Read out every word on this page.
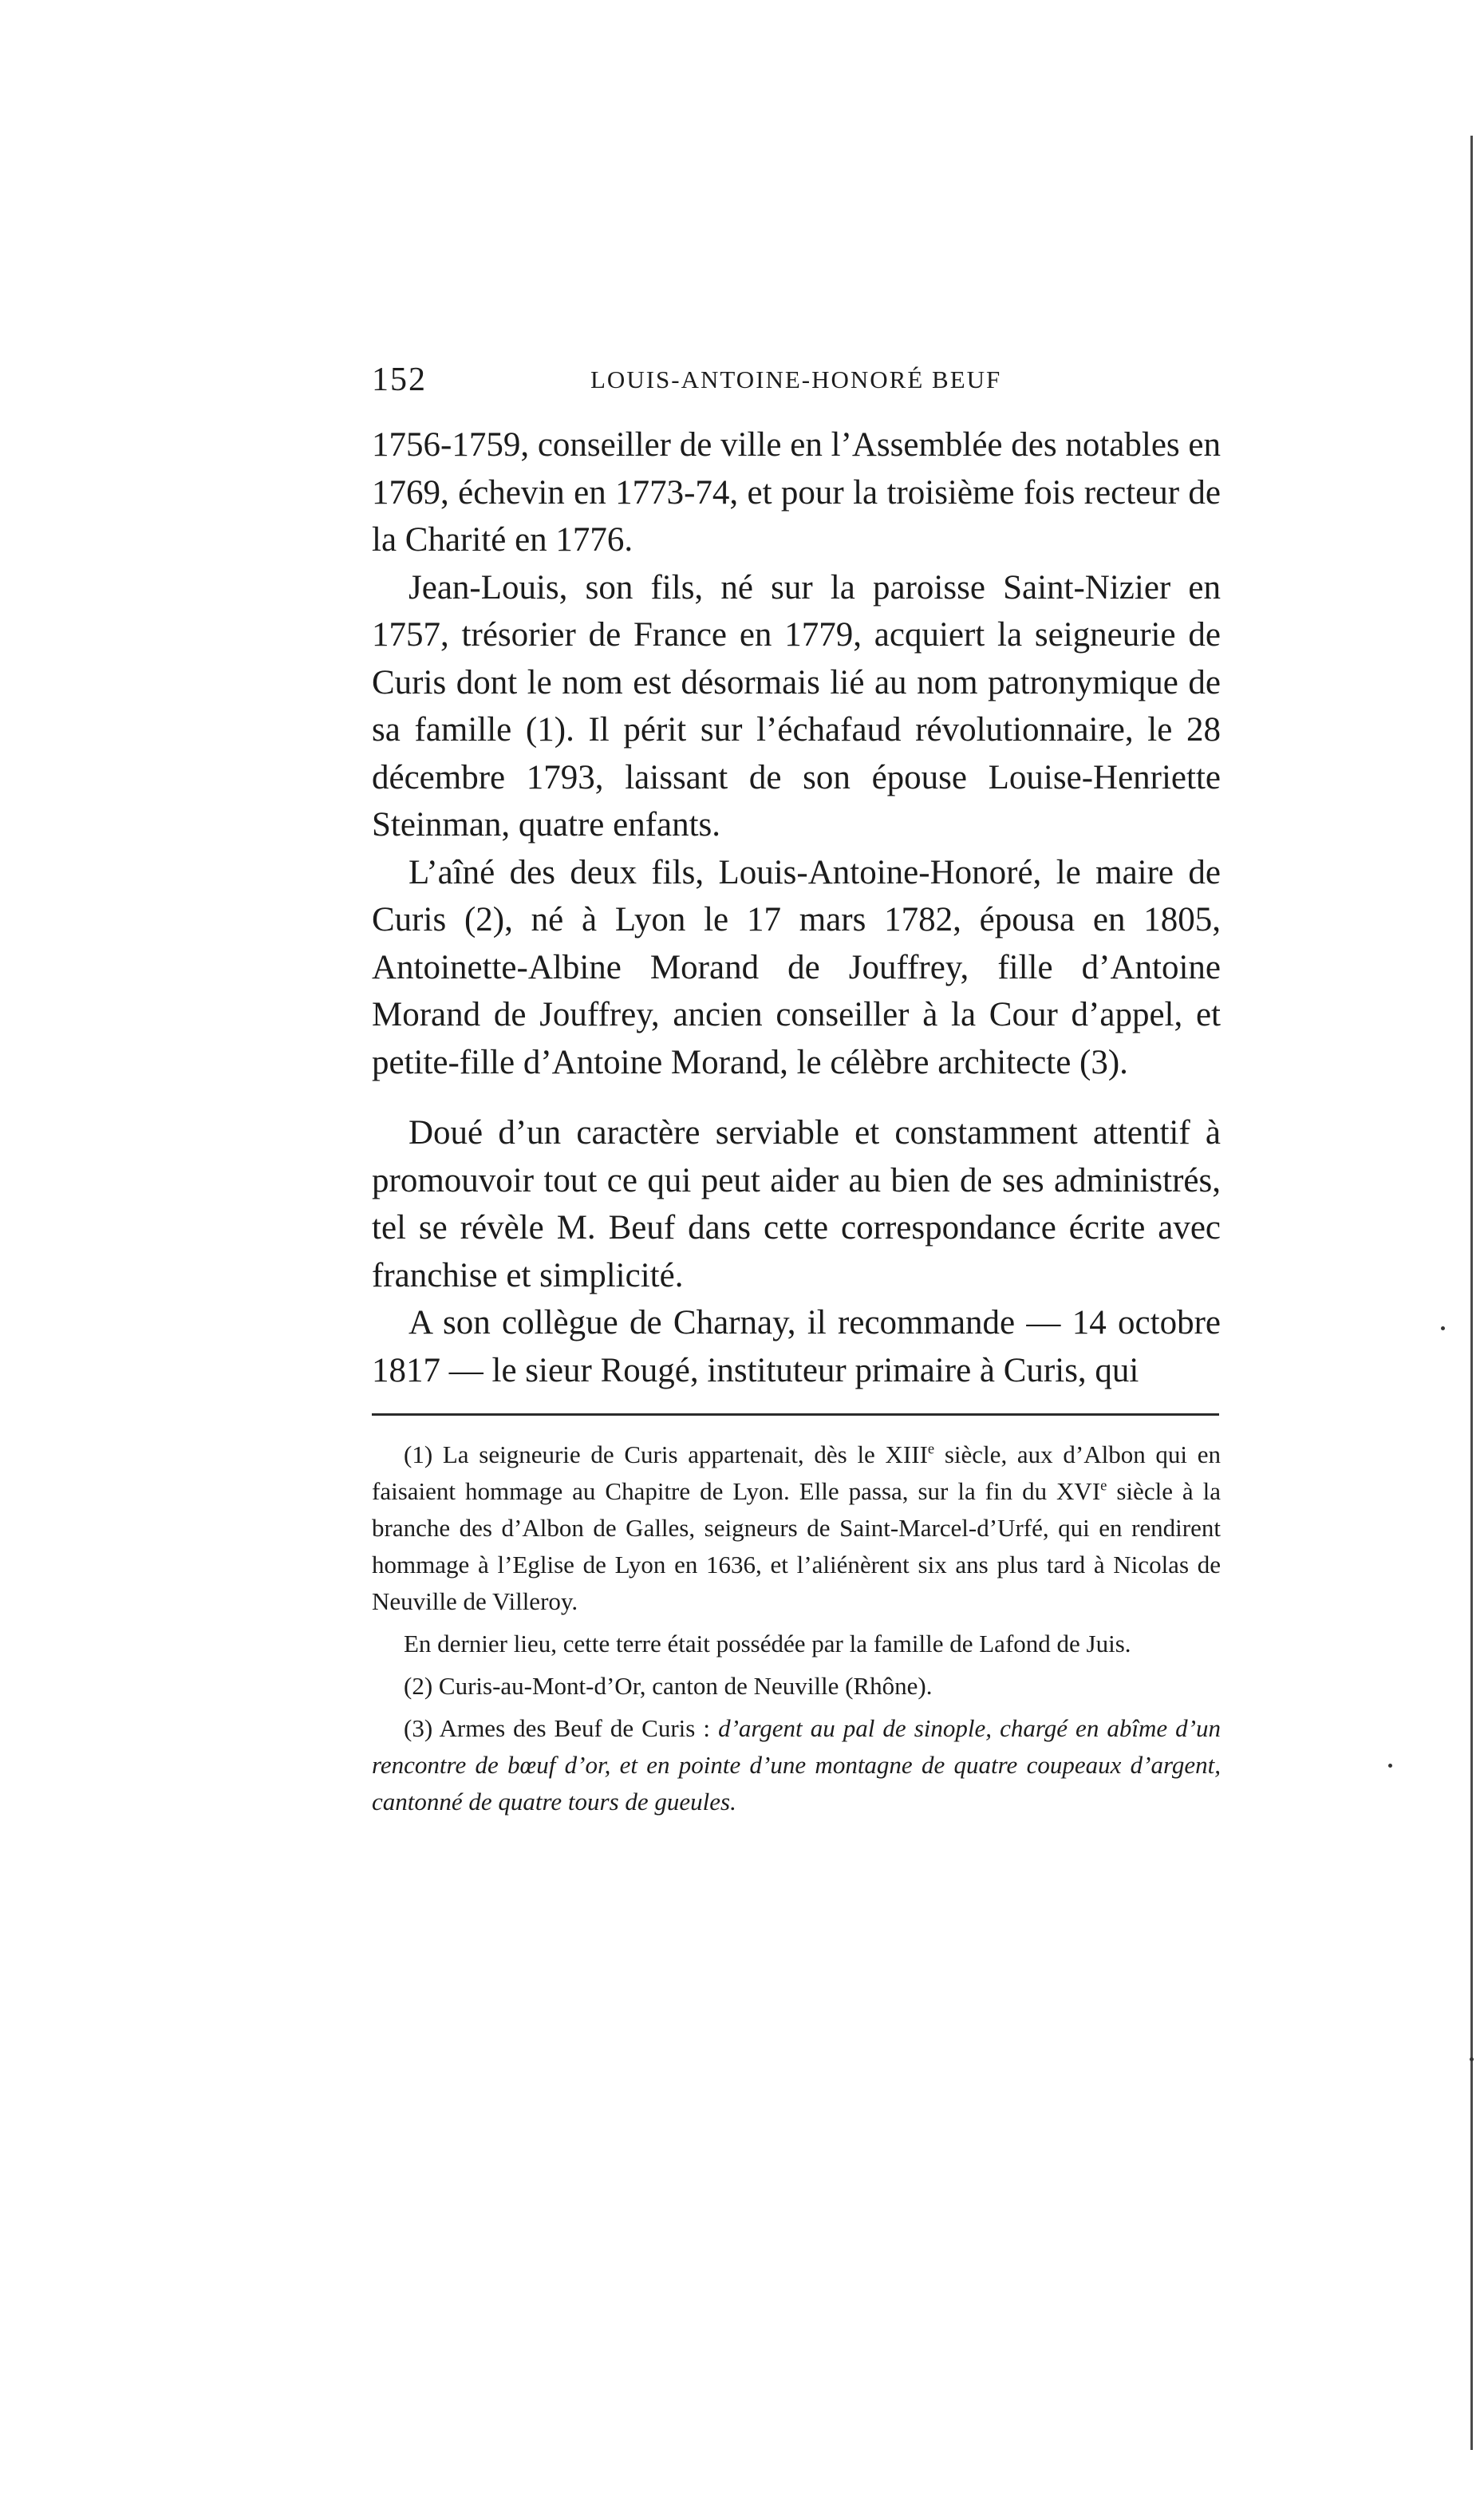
152	LOUIS-ANTOINE-HONORÉ BEUF

1756-1759, conseiller de ville en l’Assemblée des notables en 1769, échevin en 1773-74, et pour la troisième fois recteur de la Charité en 1776.

Jean-Louis, son fils, né sur la paroisse Saint-Nizier en 1757, trésorier de France en 1779, acquiert la seigneurie de Curis dont le nom est désormais lié au nom patronymique de sa famille (1). Il périt sur l’échafaud révolutionnaire, le 28 décembre 1793, laissant de son épouse Louise-Henriette Steinman, quatre enfants.

L’aîné des deux fils, Louis-Antoine-Honoré, le maire de Curis (2), né à Lyon le 17 mars 1782, épousa en 1805, Antoinette-Albine Morand de Jouffrey, fille d’Antoine Morand de Jouffrey, ancien conseiller à la Cour d’appel, et petite-fille d’Antoine Morand, le célèbre architecte (3).

Doué d’un caractère serviable et constamment attentif à promouvoir tout ce qui peut aider au bien de ses administrés, tel se révèle M. Beuf dans cette correspondance écrite avec franchise et simplicité.

A son collègue de Charnay, il recommande — 14 octobre 1817 — le sieur Rougé, instituteur primaire à Curis, qui

(1) La seigneurie de Curis appartenait, dès le XIIIe siècle, aux d’Albon qui en faisaient hommage au Chapitre de Lyon. Elle passa, sur la fin du XVIe siècle à la branche des d’Albon de Galles, seigneurs de Saint-Marcel-d’Urfé, qui en rendirent hommage à l’Eglise de Lyon en 1636, et l’aliénèrent six ans plus tard à Nicolas de Neuville de Villeroy.

En dernier lieu, cette terre était possédée par la famille de Lafond de Juis.

(2) Curis-au-Mont-d’Or, canton de Neuville (Rhône).

(3) Armes des Beuf de Curis : d’argent au pal de sinople, chargé en abîme d’un rencontre de bœuf d’or, et en pointe d’une montagne de quatre coupeaux d’argent, cantonné de quatre tours de gueules.
